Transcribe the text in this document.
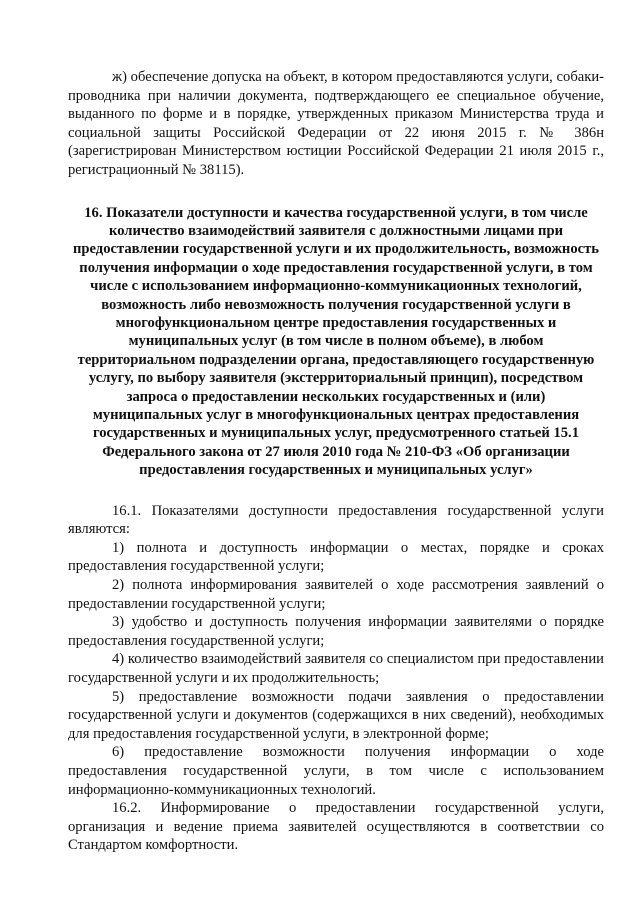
ж) обеспечение допуска на объект, в котором предоставляются услуги, собаки-проводника при наличии документа, подтверждающего ее специальное обучение, выданного по форме и в порядке, утвержденных приказом Министерства труда и социальной защиты Российской Федерации от 22 июня 2015 г. № 386н (зарегистрирован Министерством юстиции Российской Федерации 21 июля 2015 г., регистрационный № 38115).

16. Показатели доступности и качества государственной услуги, в том числе количество взаимодействий заявителя с должностными лицами при предоставлении государственной услуги и их продолжительность, возможность получения информации о ходе предоставления государственной услуги, в том числе с использованием информационно-коммуникационных технологий, возможность либо невозможность получения государственной услуги в многофункциональном центре предоставления государственных и муниципальных услуг (в том числе в полном объеме), в любом территориальном подразделении органа, предоставляющего государственную услугу, по выбору заявителя (экстерриториальный принцип), посредством запроса о предоставлении нескольких государственных и (или) муниципальных услуг в многофункциональных центрах предоставления государственных и муниципальных услуг, предусмотренного статьей 15.1 Федерального закона от 27 июля 2010 года № 210-ФЗ «Об организации предоставления государственных и муниципальных услуг»

16.1. Показателями доступности предоставления государственной услуги являются:

1) полнота и доступность информации о местах, порядке и сроках предоставления государственной услуги;

2) полнота информирования заявителей о ходе рассмотрения заявлений о предоставлении государственной услуги;

3) удобство и доступность получения информации заявителями о порядке предоставления государственной услуги;

4) количество взаимодействий заявителя со специалистом при предоставлении государственной услуги и их продолжительность;

5) предоставление возможности подачи заявления о предоставлении государственной услуги и документов (содержащихся в них сведений), необходимых для предоставления государственной услуги, в электронной форме;

6) предоставление возможности получения информации о ходе предоставления государственной услуги, в том числе с использованием информационно-коммуникационных технологий.

16.2. Информирование о предоставлении государственной услуги, организация и ведение приема заявителей осуществляются в соответствии со Стандартом комфортности.
